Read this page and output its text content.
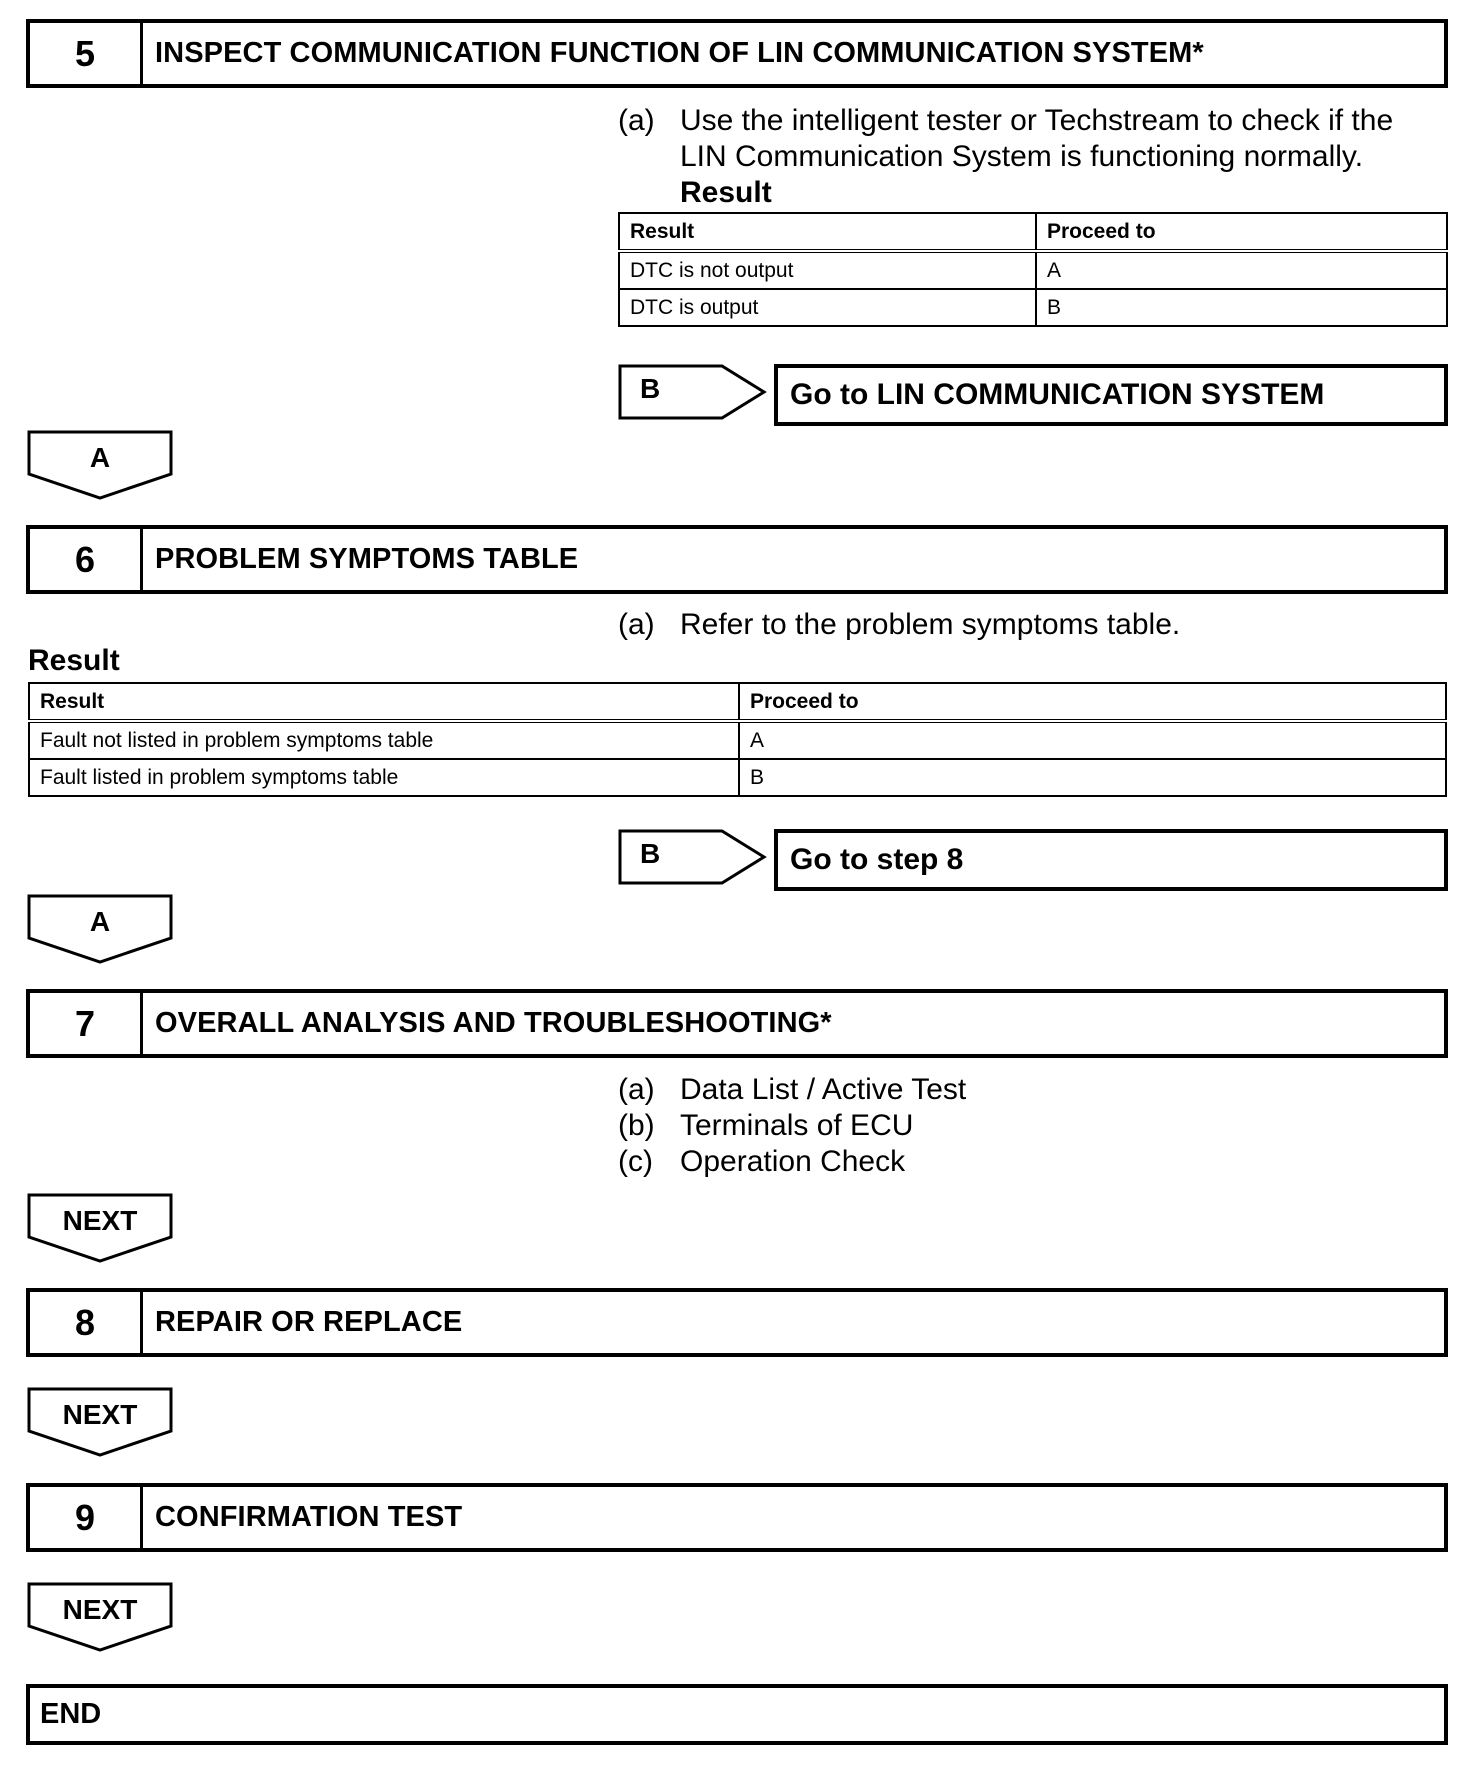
5	INSPECT COMMUNICATION FUNCTION OF LIN COMMUNICATION SYSTEM*
(a) Use the intelligent tester or Techstream to check if the
LIN Communication System is functioning normally.
Result
Result	Proceed to
DTC is not output	A
DTC is output	B
B	Go to LIN COMMUNICATION SYSTEM
A
6	PROBLEM SYMPTOMS TABLE
(a) Refer to the problem symptoms table.
Result
Result	Proceed to
Fault not listed in problem symptoms table	A
Fault listed in problem symptoms table	B
B	Go to step 8
A
7	OVERALL ANALYSIS AND TROUBLESHOOTING*
(a) Data List / Active Test
(b) Terminals of ECU
(c) Operation Check
NEXT
8	REPAIR OR REPLACE
NEXT
9	CONFIRMATION TEST
NEXT
END
